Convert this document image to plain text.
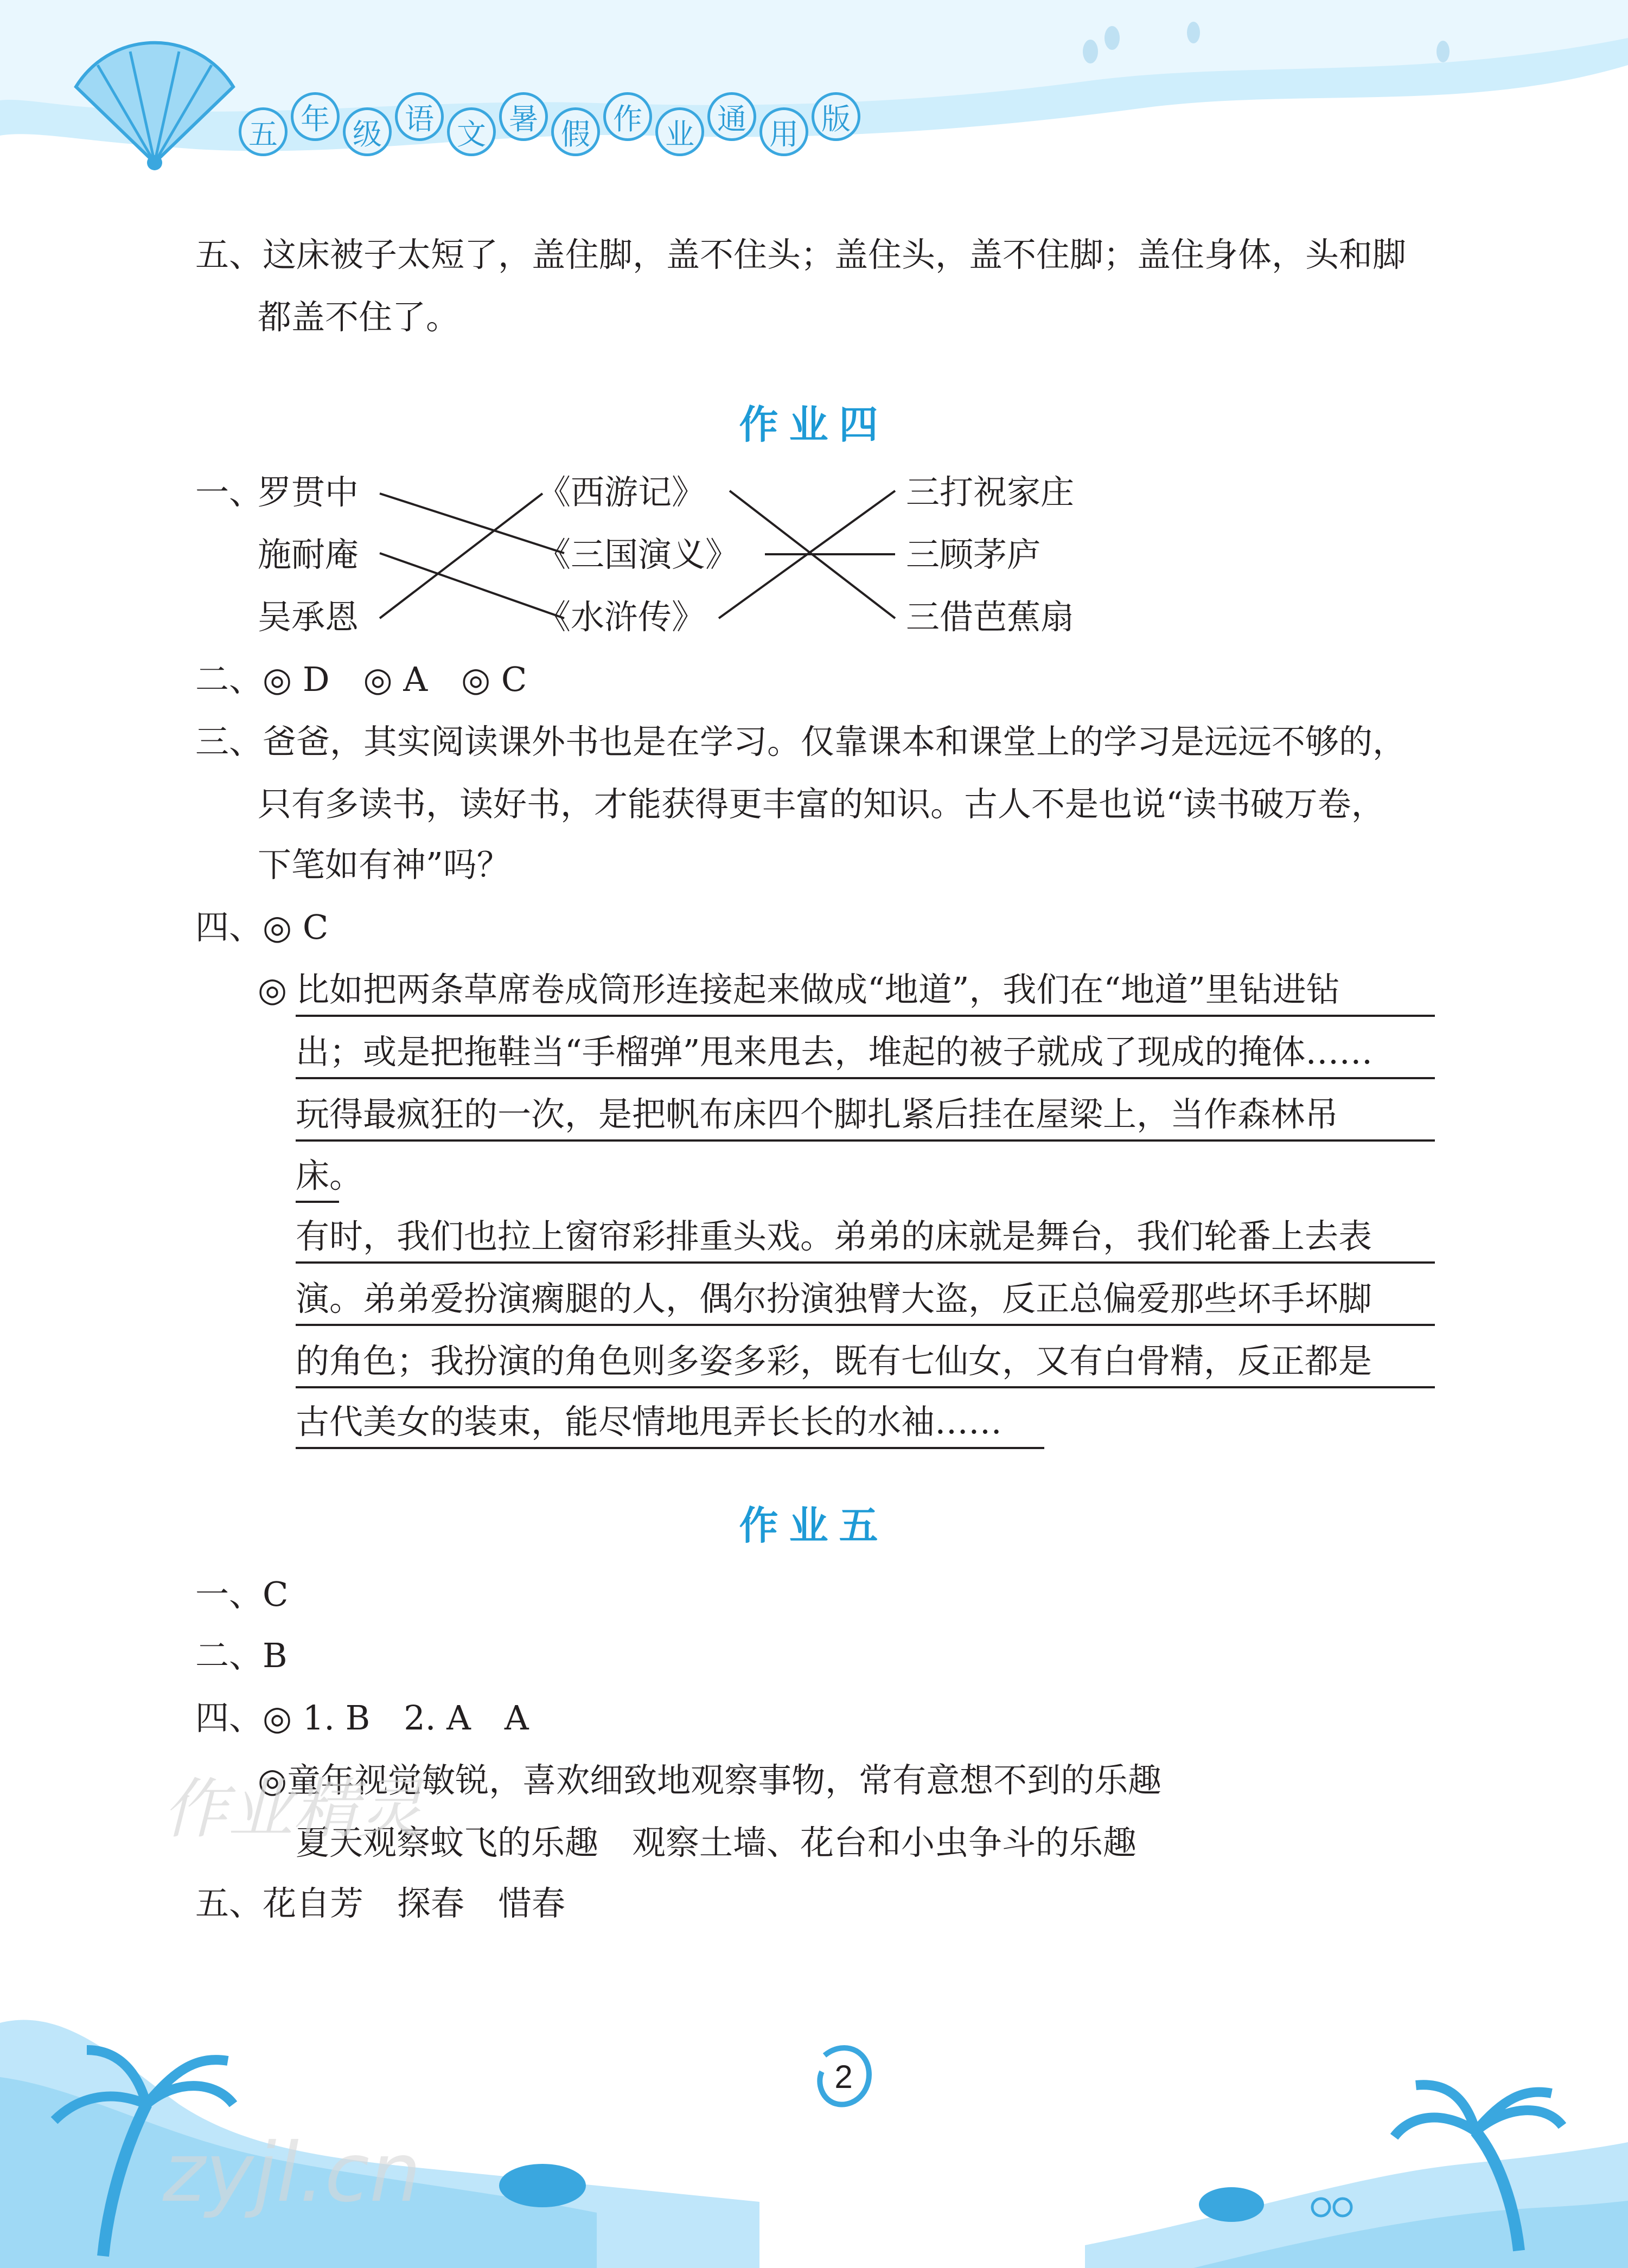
五 年 级 语 文 暑 假 作 业 通 用 版
五、这床被子太短了，盖住脚，盖不住头；盖住头，盖不住脚；盖住身体，头和脚
都盖不住了。
作业四
一、
罗贯中
施耐庵
吴承恩
《西游记》
《三国演义》
《水浒传》
三打祝家庄
三顾茅庐
三借芭蕉扇
二、◎ D　◎ A　◎ C
三、爸爸，其实阅读课外书也是在学习。仅靠课本和课堂上的学习是远远不够的，
只有多读书，读好书，才能获得更丰富的知识。古人不是也说“读书破万卷，
下笔如有神”吗？
四、◎ C
◎ 比如把两条草席卷成筒形连接起来做成“地道”，我们在“地道”里钻进钻
出；或是把拖鞋当“手榴弹”甩来甩去，堆起的被子就成了现成的掩体……
玩得最疯狂的一次，是把帆布床四个脚扎紧后挂在屋梁上，当作森林吊
床。
有时，我们也拉上窗帘彩排重头戏。弟弟的床就是舞台，我们轮番上去表
演。弟弟爱扮演瘸腿的人，偶尔扮演独臂大盗，反正总偏爱那些坏手坏脚
的角色；我扮演的角色则多姿多彩，既有七仙女，又有白骨精，反正都是
古代美女的装束，能尽情地甩弄长长的水袖……
作业五
一、C
二、B
四、◎ 1. B　2. A　A
◎童年视觉敏锐，喜欢细致地观察事物，常有意想不到的乐趣
夏天观察蚊飞的乐趣　观察土墙、花台和小虫争斗的乐趣
五、花自芳　探春　惜春
作业精灵
zyjl.cn
2
